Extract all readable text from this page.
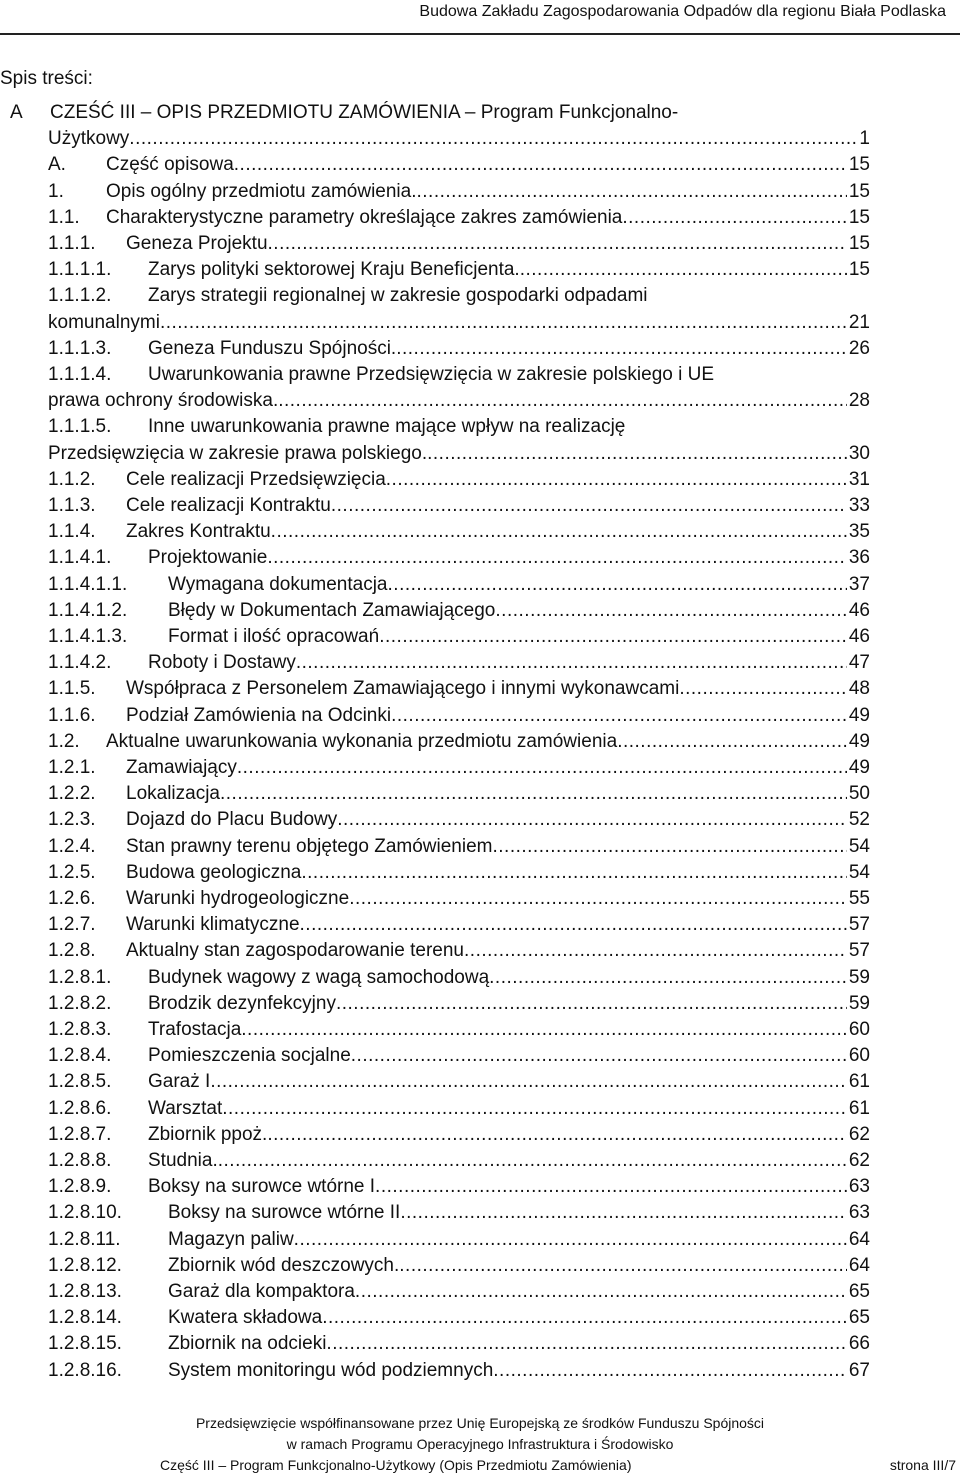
Budowa Zakładu Zagospodarowania Odpadów dla regionu Biała Podlaska
Spis treści:
A CZEŚĆ III – OPIS PRZEDMIOTU ZAMÓWIENIA – Program Funkcjonalno-
Użytkowy .....	1
A. Część opisowa .....	15
1. Opis ogólny przedmiotu zamówienia. .....	15
1.1. Charakterystyczne parametry określające zakres zamówienia .....	15
1.1.1. Geneza Projektu .....	15
1.1.1.1. Zarys polityki sektorowej Kraju Beneficjenta. .....	15
1.1.1.2. Zarys strategii regionalnej w zakresie gospodarki odpadami
komunalnymi .....	21
1.1.1.3. Geneza Funduszu Spójności. .....	26
1.1.1.4. Uwarunkowania prawne Przedsięwzięcia w zakresie polskiego i UE
prawa ochrony środowiska. .....	28
1.1.1.5. Inne uwarunkowania prawne mające wpływ na realizację
Przedsięwzięcia w zakresie prawa polskiego. .....	30
1.1.2. Cele realizacji Przedsięwzięcia .....	31
1.1.3. Cele realizacji Kontraktu .....	33
1.1.4. Zakres Kontraktu .....	35
1.1.4.1. Projektowanie .....	36
1.1.4.1.1. Wymagana dokumentacja .....	37
1.1.4.1.2. Błędy w Dokumentach Zamawiającego .....	46
1.1.4.1.3. Format i ilość opracowań .....	46
1.1.4.2. Roboty i Dostawy .....	47
1.1.5. Współpraca z Personelem Zamawiającego i innymi wykonawcami .....	48
1.1.6. Podział Zamówienia na Odcinki .....	49
1.2. Aktualne uwarunkowania wykonania przedmiotu zamówienia .....	49
1.2.1. Zamawiający .....	49
1.2.2. Lokalizacja .....	50
1.2.3. Dojazd do Placu Budowy .....	52
1.2.4. Stan prawny terenu objętego Zamówieniem .....	54
1.2.5. Budowa geologiczna .....	54
1.2.6. Warunki hydrogeologiczne .....	55
1.2.7. Warunki klimatyczne .....	57
1.2.8. Aktualny stan zagospodarowanie terenu .....	57
1.2.8.1. Budynek wagowy z wagą samochodową .....	59
1.2.8.2. Brodzik dezynfekcyjny .....	59
1.2.8.3. Trafostacja .....	60
1.2.8.4. Pomieszczenia socjalne .....	60
1.2.8.5. Garaż I .....	61
1.2.8.6. Warsztat .....	61
1.2.8.7. Zbiornik ppoż. .....	62
1.2.8.8. Studnia. .....	62
1.2.8.9. Boksy na surowce wtórne I .....	63
1.2.8.10. Boksy na surowce wtórne II .....	63
1.2.8.11. Magazyn paliw .....	64
1.2.8.12. Zbiornik wód deszczowych. .....	64
1.2.8.13. Garaż dla kompaktora .....	65
1.2.8.14. Kwatera składowa .....	65
1.2.8.15. Zbiornik na odcieki .....	66
1.2.8.16. System monitoringu wód podziemnych .....	67
Przedsięwzięcie współfinansowane przez Unię Europejską ze środków Funduszu Spójności
w ramach Programu Operacyjnego Infrastruktura i Środowisko
Część III – Program Funkcjonalno-Użytkowy (Opis Przedmiotu Zamówienia)	strona III/7
